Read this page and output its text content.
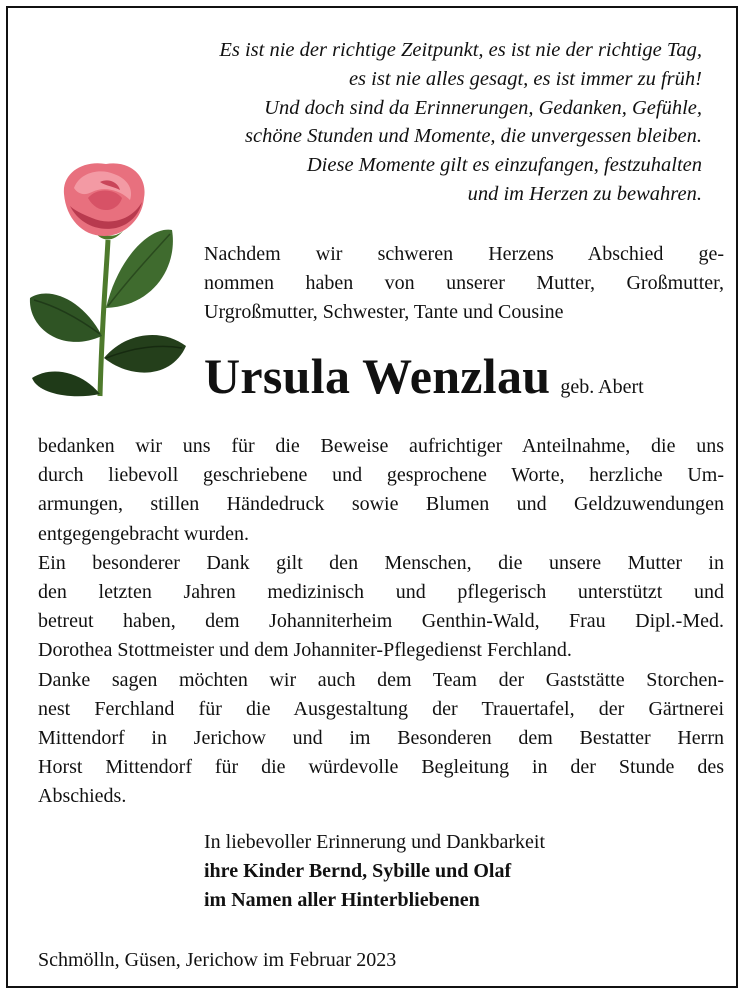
Es ist nie der richtige Zeitpunkt, es ist nie der richtige Tag,
es ist nie alles gesagt, es ist immer zu früh!
Und doch sind da Erinnerungen, Gedanken, Gefühle,
schöne Stunden und Momente, die unvergessen bleiben.
Diese Momente gilt es einzufangen, festzuhalten
und im Herzen zu bewahren.
Nachdem wir schweren Herzens Abschied ge-
nommen haben von unserer Mutter, Großmutter,
Urgroßmutter, Schwester, Tante und Cousine
Ursula Wenzlau geb. Abert
bedanken wir uns für die Beweise aufrichtiger Anteilnahme, die uns
durch liebevoll geschriebene und gesprochene Worte, herzliche Um-
armungen, stillen Händedruck sowie Blumen und Geldzuwendungen
entgegengebracht wurden.
Ein besonderer Dank gilt den Menschen, die unsere Mutter in
den letzten Jahren medizinisch und pflegerisch unterstützt und
betreut haben, dem Johanniterheim Genthin-Wald, Frau Dipl.-Med.
Dorothea Stottmeister und dem Johanniter-Pflegedienst Ferchland.
Danke sagen möchten wir auch dem Team der Gaststätte Storchen-
nest Ferchland für die Ausgestaltung der Trauertafel, der Gärtnerei
Mittendorf in Jerichow und im Besonderen dem Bestatter Herrn
Horst Mittendorf für die würdevolle Begleitung in der Stunde des
Abschieds.
In liebevoller Erinnerung und Dankbarkeit
ihre Kinder Bernd, Sybille und Olaf
im Namen aller Hinterbliebenen
Schmölln, Güsen, Jerichow im Februar 2023
